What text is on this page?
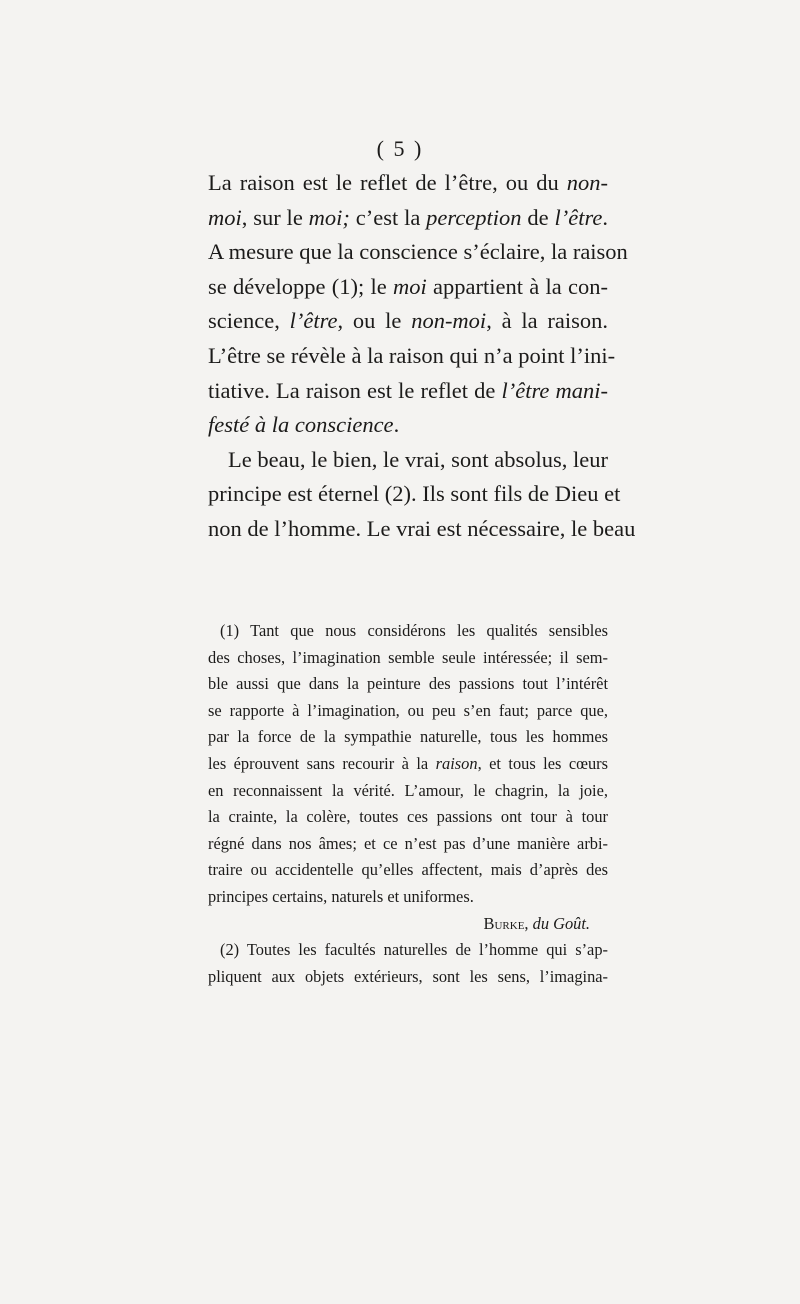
( 5 )
La raison est le reflet de l’être, ou du non-
moi, sur le moi; c’est la perception de l’être.
A mesure que la conscience s’éclaire, la raison
se développe (1); le moi appartient à la con-
science, l’être, ou le non-moi, à la raison.
L’être se révèle à la raison qui n’a point l’ini-
tiative. La raison est le reflet de l’être mani-
festé à la conscience.
Le beau, le bien, le vrai, sont absolus, leur
principe est éternel (2). Ils sont fils de Dieu et
non de l’homme. Le vrai est nécessaire, le beau
(1) Tant que nous considérons les qualités sensibles
des choses, l’imagination semble seule intéressée; il sem-
ble aussi que dans la peinture des passions tout l’intérêt
se rapporte à l’imagination, ou peu s’en faut; parce que,
par la force de la sympathie naturelle, tous les hommes
les éprouvent sans recourir à la raison, et tous les cœurs
en reconnaissent la vérité. L’amour, le chagrin, la joie,
la crainte, la colère, toutes ces passions ont tour à tour
régné dans nos âmes; et ce n’est pas d’une manière arbi-
traire ou accidentelle qu’elles affectent, mais d’après des
principes certains, naturels et uniformes.
Burke, du Goût.
(2) Toutes les facultés naturelles de l’homme qui s’ap-
pliquent aux objets extérieurs, sont les sens, l’imagina-
